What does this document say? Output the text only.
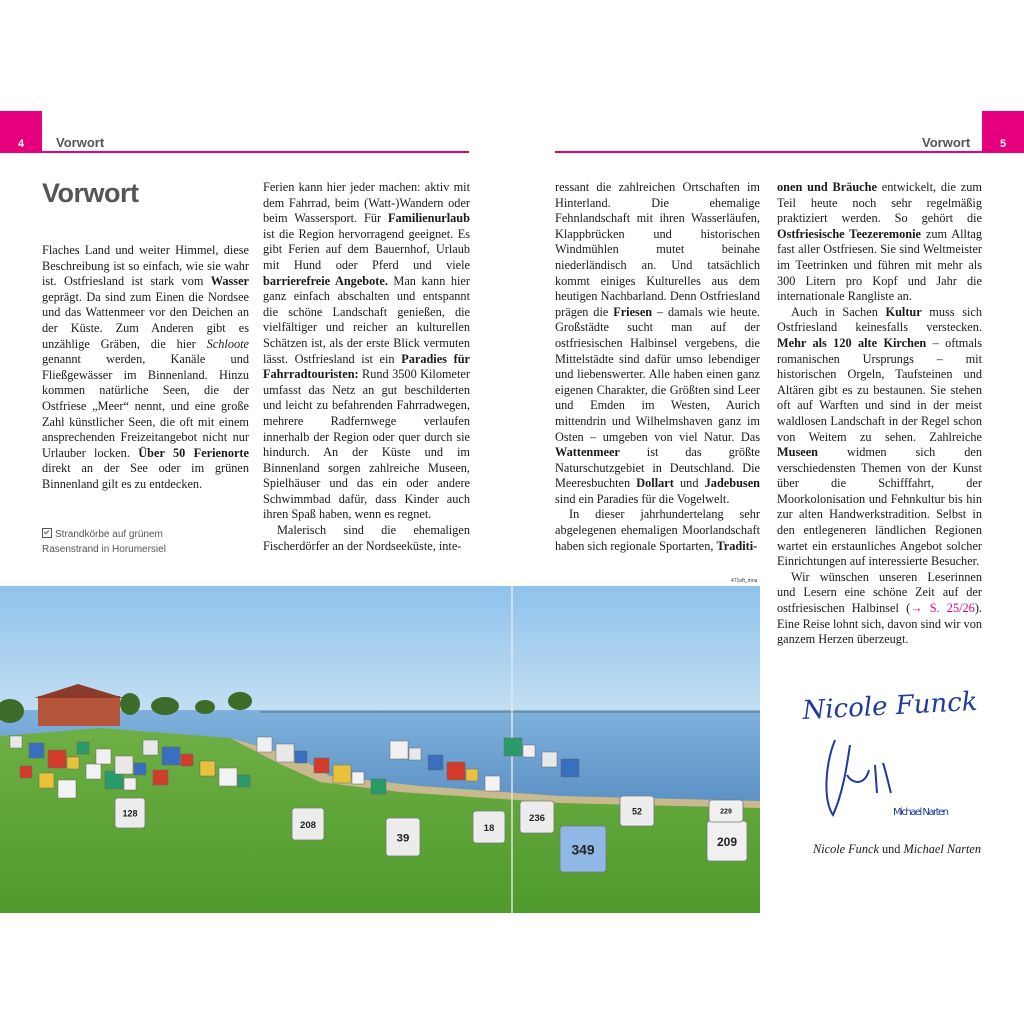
4 Vorwort	Vorwort	5
Vorwort

Flaches Land und weiter Himmel, diese Beschreibung ist so einfach, wie sie wahr ist. Ostfriesland ist stark vom Wasser geprägt. Da sind zum Einen die Nordsee und das Wattenmeer vor den Deichen an der Küste. Zum Anderen gibt es unzählige Gräben, die hier Schloote genannt werden, Kanäle und Fließgewässer im Binnenland. Hinzu kommen natürliche Seen, die der Ostfriese „Meer“ nennt, und eine große Zahl künstlicher Seen, die oft mit einem ansprechenden Freizeitangebot nicht nur Urlauber locken. Über 50 Ferienorte direkt an der See oder im grünen Binnenland gilt es zu entdecken.

Ferien kann hier jeder machen: aktiv mit dem Fahrrad, beim (Watt-)Wandern oder beim Wassersport. Für Familienurlaub ist die Region hervorragend geeignet. Es gibt Ferien auf dem Bauernhof, Urlaub mit Hund oder Pferd und viele barrierefreie Angebote. Man kann hier ganz einfach abschalten und entspannt die schöne Landschaft genießen, die vielfältiger und reicher an kulturellen Schätzen ist, als der erste Blick vermuten lässt. Ostfriesland ist ein Paradies für Fahrradtouristen: Rund 3500 Kilometer umfasst das Netz an gut beschilderten und leicht zu befahrenden Fahrradwegen, mehrere Radfernwege verlaufen innerhalb der Region oder quer durch sie hindurch. An der Küste und im Binnenland sorgen zahlreiche Museen, Spielhäuser und das ein oder andere Schwimmbad dafür, dass Kinder auch ihren Spaß haben, wenn es regnet.

Malerisch sind die ehemaligen Fischerdörfer an der Nordseeküste, inte-

ressant die zahlreichen Ortschaften im Hinterland. Die ehemalige Fehnlandschaft mit ihren Wasserläufen, Klappbrücken und historischen Windmühlen mutet beinahe niederländisch an. Und tatsächlich kommt einiges Kulturelles aus dem heutigen Nachbarland. Denn Ostfriesland prägen die Friesen – damals wie heute. Großstädte sucht man auf der ostfriesischen Halbinsel vergebens, die Mittelstädte sind dafür umso lebendiger und liebenswerter. Alle haben einen ganz eigenen Charakter, die Größten sind Leer und Emden im Westen, Aurich mittendrin und Wilhelmshaven ganz im Osten – umgeben von viel Natur. Das Wattenmeer ist das größte Naturschutzgebiet in Deutschland. Die Meeresbuchten Dollart und Jadebusen sind ein Paradies für die Vogelwelt.

In dieser jahrhundertelang sehr abgelegenen ehemaligen Moorlandschaft haben sich regionale Sportarten, Traditi-

onen und Bräuche entwickelt, die zum Teil heute noch sehr regelmäßig praktiziert werden. So gehört die Ostfriesische Teezeremonie zum Alltag fast aller Ostfriesen. Sie sind Weltmeister im Teetrinken und führen mit mehr als 300 Litern pro Kopf und Jahr die internationale Rangliste an.

Auch in Sachen Kultur muss sich Ostfriesland keinesfalls verstecken. Mehr als 120 alte Kirchen – oftmals romanischen Ursprungs – mit historischen Orgeln, Taufsteinen und Altären gibt es zu bestaunen. Sie stehen oft auf Warften und sind in der meist waldlosen Landschaft in der Regel schon von Weitem zu sehen. Zahlreiche Museen widmen sich den verschiedensten Themen von der Kunst über die Schifffahrt, der Moorkolonisation und Fehnkultur bis hin zur alten Handwerkstradition. Selbst in den entlegeneren ländlichen Regionen wartet ein erstaunliches Angebot solcher Einrichtungen auf interessierte Besucher.

Wir wünschen unseren Leserinnen und Lesern eine schöne Zeit auf der ostfriesischen Halbinsel (→ S. 25/26). Eine Reise lohnt sich, davon sind wir von ganzem Herzen überzeugt.

Strandkörbe auf grünem Rasenstrand in Horumersiel
471oft_mna
128
208
39
18
236
349
209
229
52
Nicole Funck
Michael Narten
Nicole Funck und Michael Narten
